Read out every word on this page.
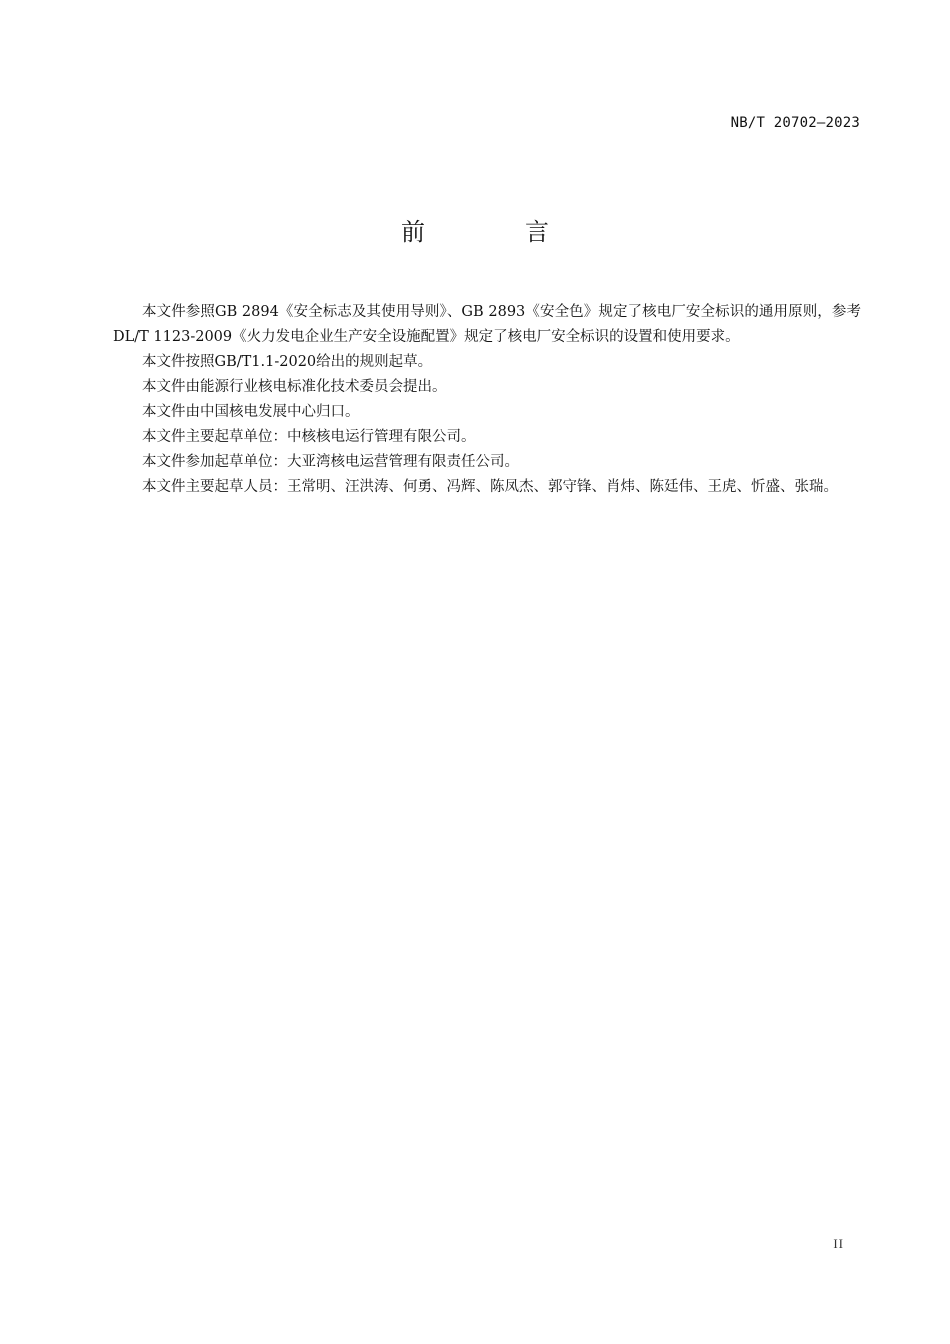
NB/T 20702—2023
前　言

本文件参照GB 2894《安全标志及其使用导则》、GB 2893《安全色》规定了核电厂安全标识的通用原则，参考DL/T 1123-2009《火力发电企业生产安全设施配置》规定了核电厂安全标识的设置和使用要求。

本文件按照GB/T1.1-2020给出的规则起草。

本文件由能源行业核电标准化技术委员会提出。

本文件由中国核电发展中心归口。

本文件主要起草单位：中核核电运行管理有限公司。

本文件参加起草单位：大亚湾核电运营管理有限责任公司。

本文件主要起草人员：王常明、汪洪涛、何勇、冯辉、陈凤杰、郭守锋、肖炜、陈廷伟、王虎、忻盛、张瑞。

II
